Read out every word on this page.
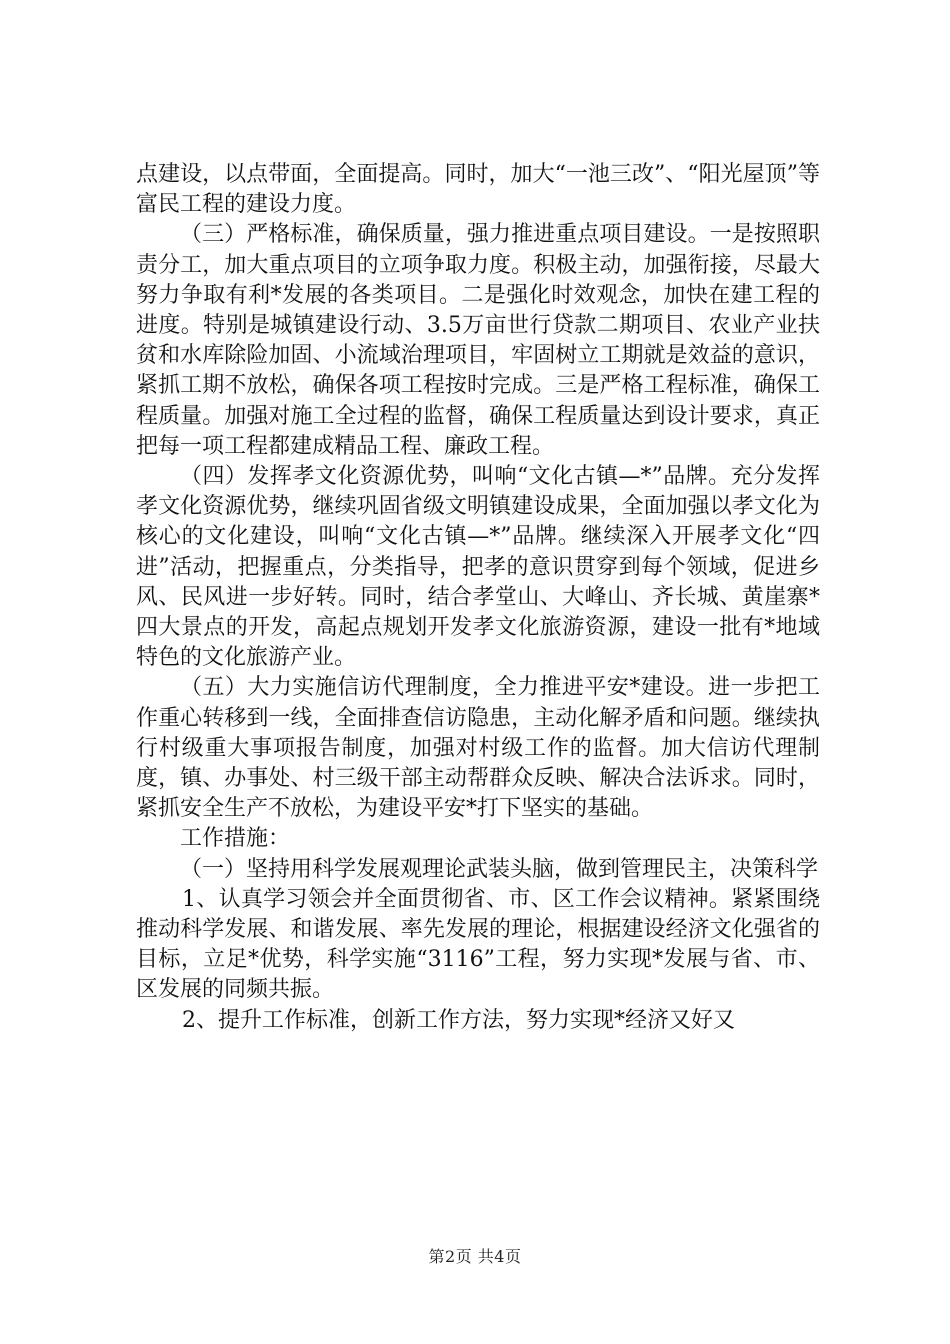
点建设，以点带面，全面提高。同时，加大“一池三改”、“阳光屋顶”等富民工程的建设力度。

（三）严格标准，确保质量，强力推进重点项目建设。一是按照职责分工，加大重点项目的立项争取力度。积极主动，加强衔接，尽最大努力争取有利*发展的各类项目。二是强化时效观念，加快在建工程的进度。特别是城镇建设行动、3.5万亩世行贷款二期项目、农业产业扶贫和水库除险加固、小流域治理项目，牢固树立工期就是效益的意识，紧抓工期不放松，确保各项工程按时完成。三是严格工程标准，确保工程质量。加强对施工全过程的监督，确保工程质量达到设计要求，真正把每一项工程都建成精品工程、廉政工程。

（四）发挥孝文化资源优势，叫响“文化古镇—*”品牌。充分发挥孝文化资源优势，继续巩固省级文明镇建设成果，全面加强以孝文化为核心的文化建设，叫响“文化古镇—*”品牌。继续深入开展孝文化“四进”活动，把握重点，分类指导，把孝的意识贯穿到每个领域，促进乡风、民风进一步好转。同时，结合孝堂山、大峰山、齐长城、黄崖寨*四大景点的开发，高起点规划开发孝文化旅游资源，建设一批有*地域特色的文化旅游产业。

（五）大力实施信访代理制度，全力推进平安*建设。进一步把工作重心转移到一线，全面排查信访隐患，主动化解矛盾和问题。继续执行村级重大事项报告制度，加强对村级工作的监督。加大信访代理制度，镇、办事处、村三级干部主动帮群众反映、解决合法诉求。同时，紧抓安全生产不放松，为建设平安*打下坚实的基础。

工作措施：

（一）坚持用科学发展观理论武装头脑，做到管理民主，决策科学

1、认真学习领会并全面贯彻省、市、区工作会议精神。紧紧围绕推动科学发展、和谐发展、率先发展的理论，根据建设经济文化强省的目标，立足*优势，科学实施“3116”工程，努力实现*发展与省、市、区发展的同频共振。

2、提升工作标准，创新工作方法，努力实现*经济又好又

第2页 共4页
